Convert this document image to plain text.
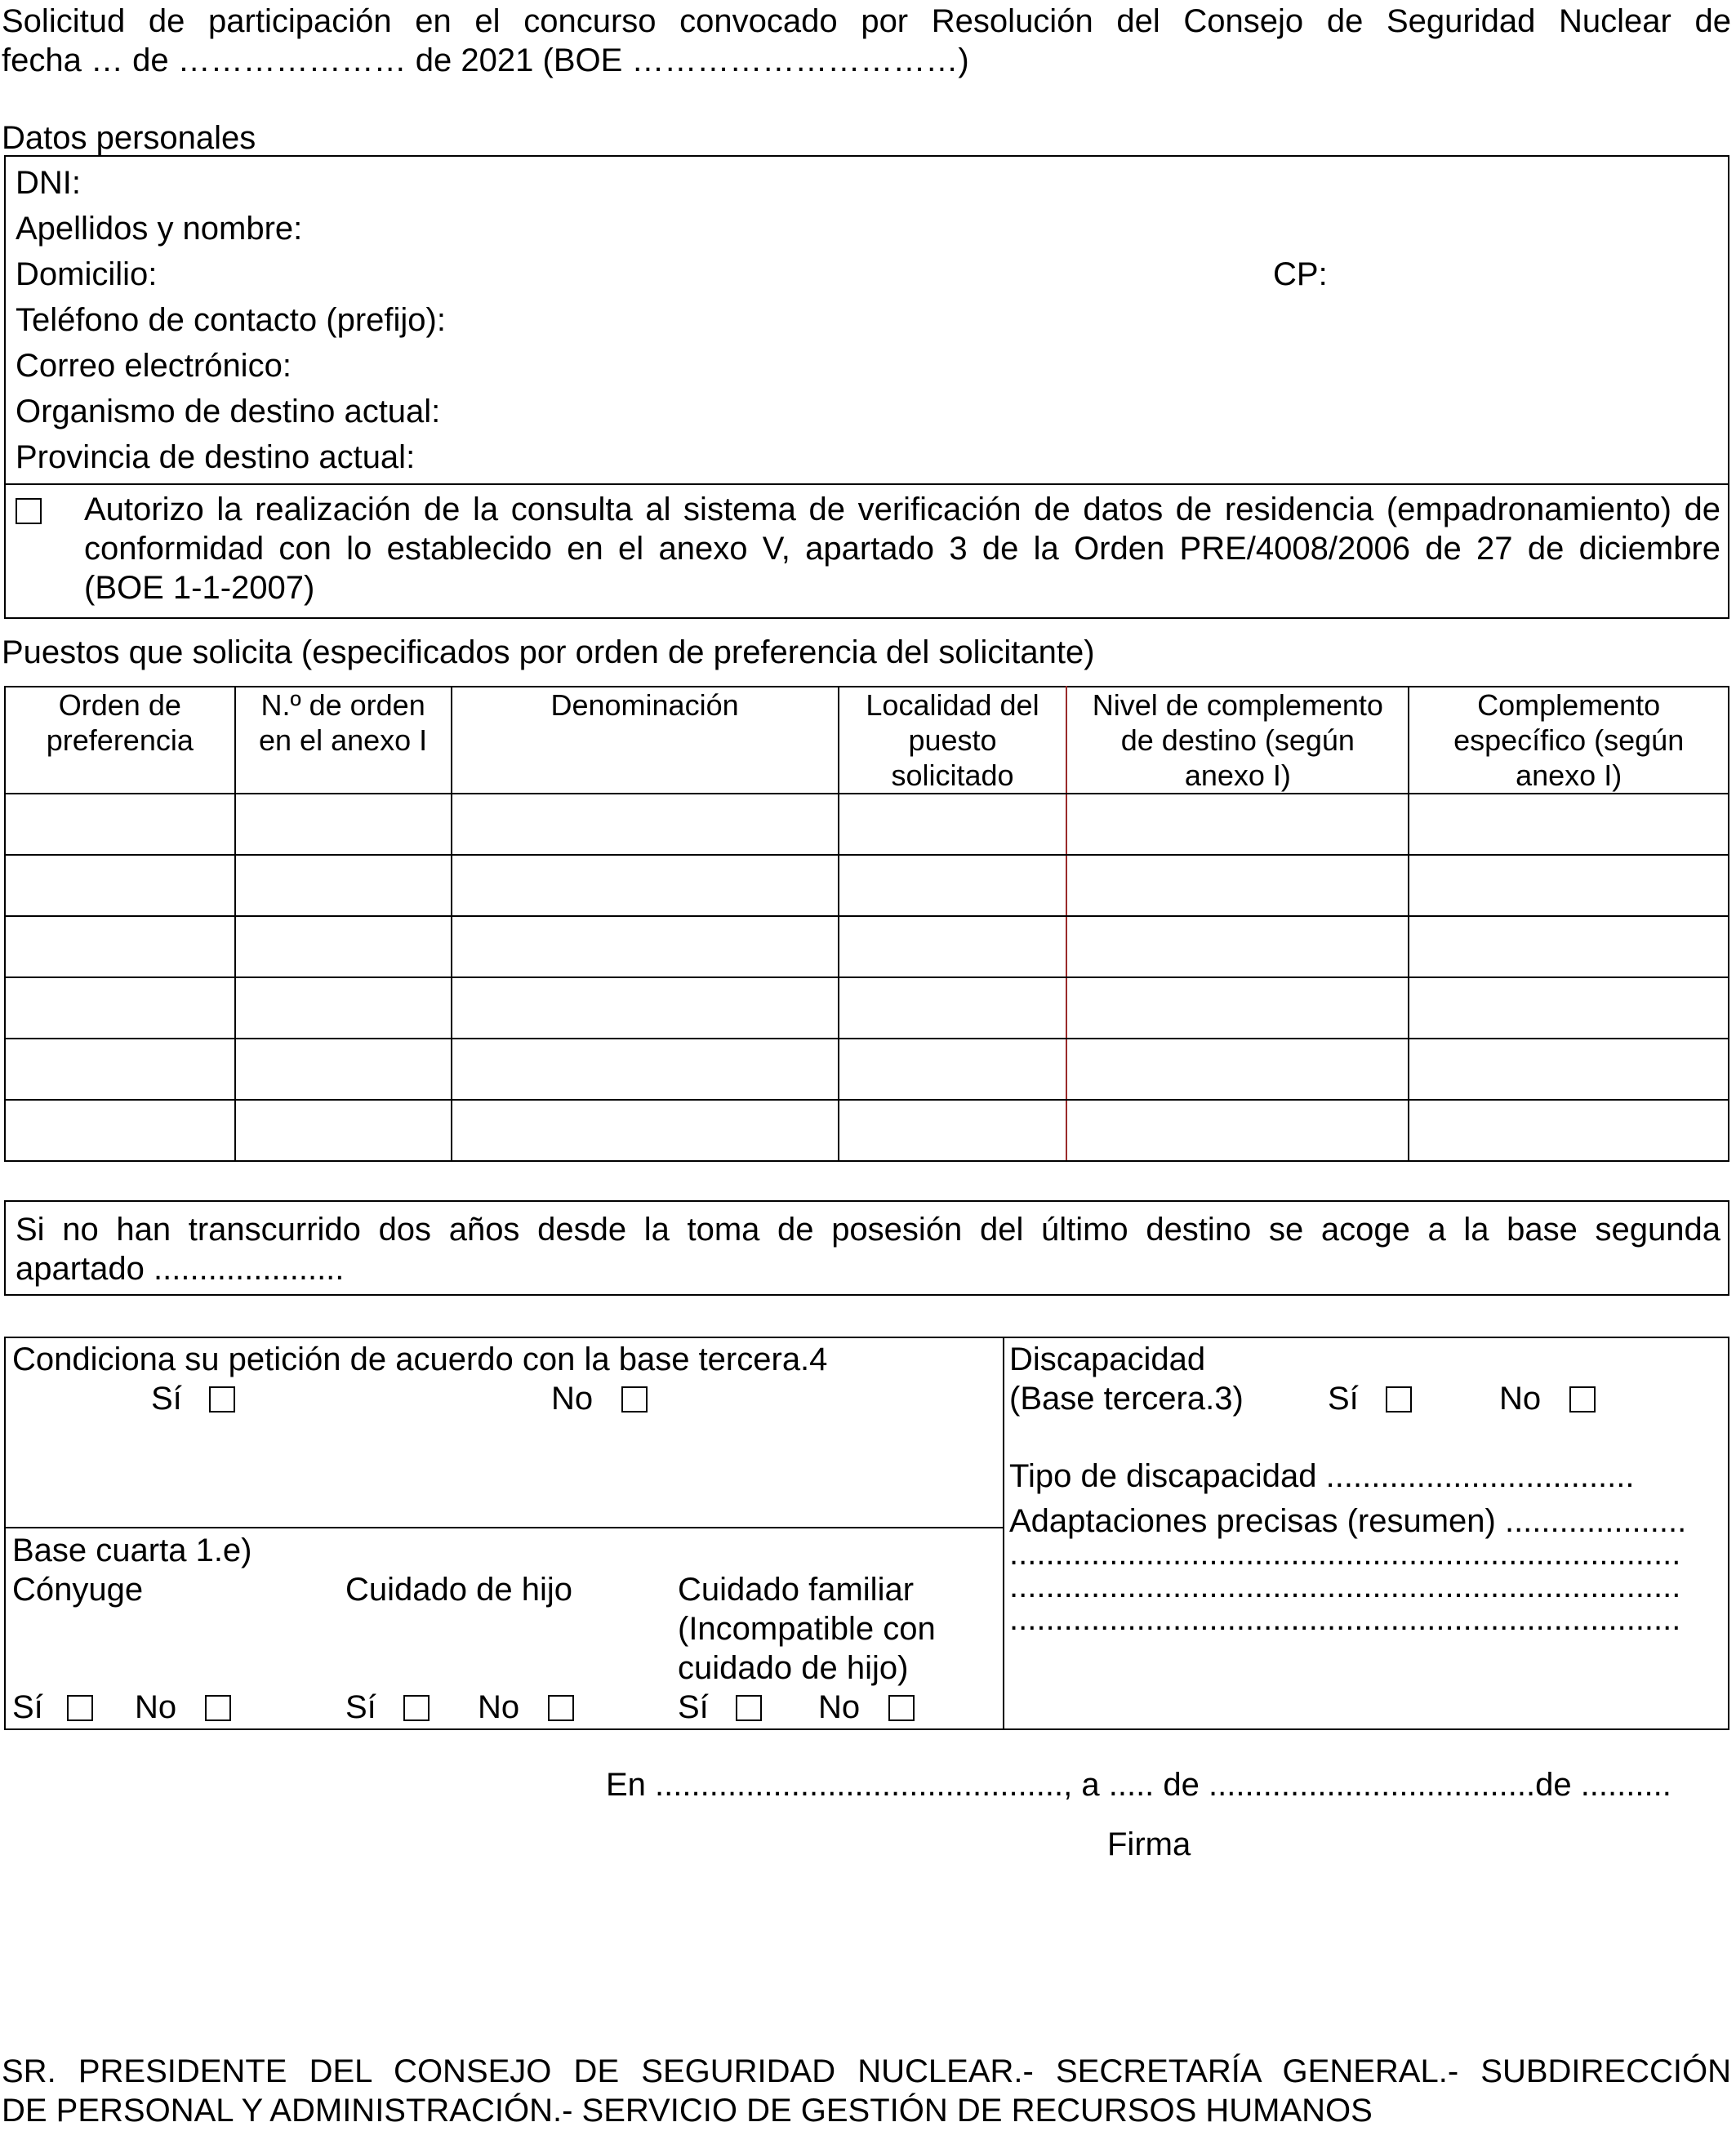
Solicitud de participación en el concurso convocado por Resolución del Consejo de Seguridad Nuclear de
fecha … de ………………… de 2021 (BOE …………………………)
Datos personales
DNI:
Apellidos y nombre:
Domicilio:	CP:
Teléfono de contacto (prefijo):
Correo electrónico:
Organismo de destino actual:
Provincia de destino actual:
Autorizo la realización de la consulta al sistema de verificación de datos de residencia (empadronamiento) de
conformidad con lo establecido en el anexo V, apartado 3 de la Orden PRE/4008/2006 de 27 de diciembre
(BOE 1-1-2007)
Puestos que solicita (especificados por orden de preferencia del solicitante)
Orden de preferencia	N.º de orden en el anexo I	Denominación	Localidad del puesto solicitado	Nivel de complemento de destino (según anexo I)	Complemento específico (según anexo I)

Si no han transcurrido dos años desde la toma de posesión del último destino se acoge a la base segunda
apartado .....................
Condiciona su petición de acuerdo con la base tercera.4
Sí	No
Base cuarta 1.e)
Cónyuge	Cuidado de hijo	Cuidado familiar
(Incompatible con
cuidado de hijo)
Sí	No	Sí	No	Sí	No
Discapacidad
(Base tercera.3)	Sí	No
Tipo de discapacidad ..................................
Adaptaciones precisas (resumen) ....................
..........................................................................
..........................................................................
..........................................................................
En ............................................., a ..... de ....................................de ..........
Firma
SR. PRESIDENTE DEL CONSEJO DE SEGURIDAD NUCLEAR.- SECRETARÍA GENERAL.- SUBDIRECCIÓN
DE PERSONAL Y ADMINISTRACIÓN.- SERVICIO DE GESTIÓN DE RECURSOS HUMANOS
